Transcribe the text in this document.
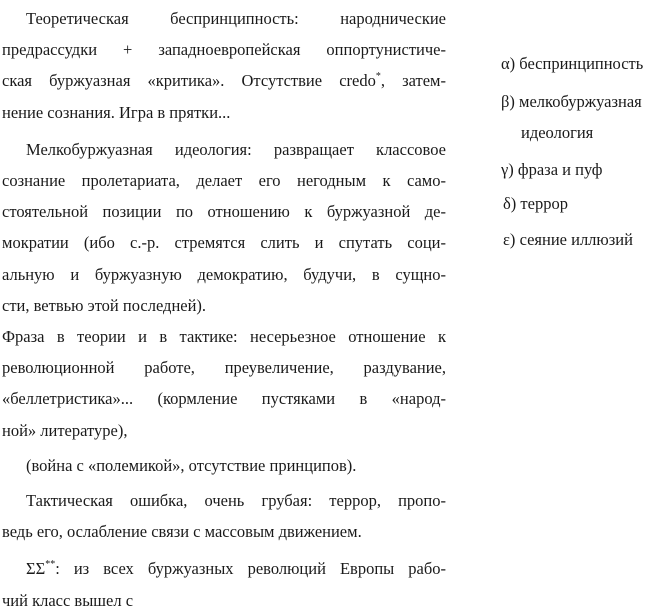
Теоретическая беспринципность: народнические
предрассудки + западноевропейская оппортунистиче-
ская буржуазная «критика». Отсутствие credo*, затем-
нение сознания. Игра в прятки...
Мелкобуржуазная идеология: развращает классовое
сознание пролетариата, делает его негодным к само-
стоятельной позиции по отношению к буржуазной де-
мократии (ибо с.-р. стремятся слить и спутать соци-
альную и буржуазную демократию, будучи, в сущно-
сти, ветвью этой последней).
Фраза в теории и в тактике: несерьезное отношение к
революционной работе, преувеличение, раздувание,
«беллетристика»... (кормление пустяками в «народ-
ной» литературе),
(война с «полемикой», отсутствие принципов).
Тактическая ошибка, очень грубая: террор, пропо-
ведь его, ослабление связи с массовым движением.
ΣΣ**: из всех буржуазных революций Европы рабо-
чий класс вышел с
α) беспринципность
β) мелкобуржуазная
идеология
γ) фраза и пуф
δ) террор
ε) сеяние иллюзий
